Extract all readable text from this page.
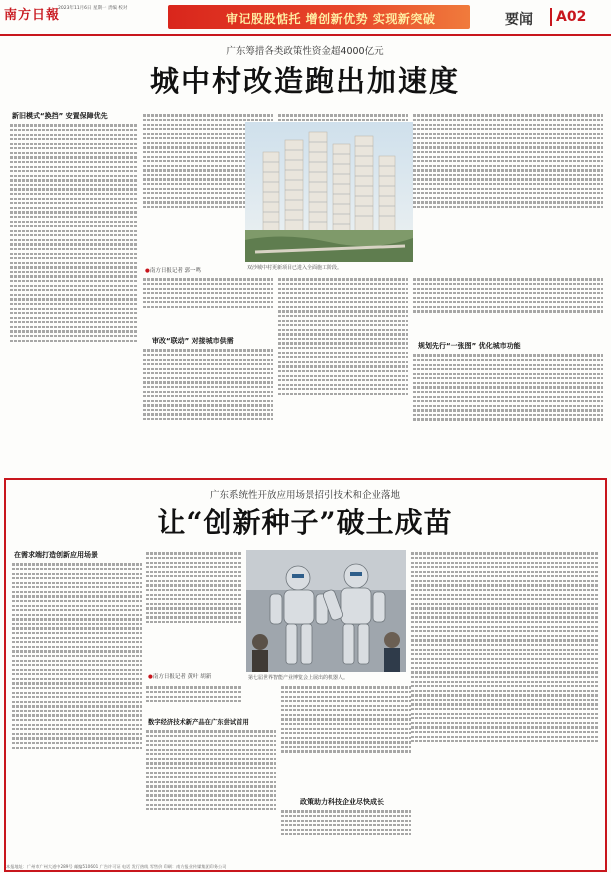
南方日報
2023年11月6日 星期一 责编 校对
审记股股惦托 增创新优势 实现新突破	要闻 A02
广东筹措各类政策性资金超4000亿元
城中村改造跑出加速度
新旧模式“换挡” 安置保障优先
双沙城中村更新项目已进入全面施工阶段。
●南方日报记者 郭一鸣
审改“联动” 对接城市供需
规划先行“一张图” 优化城市功能
广东系统性开放应用场景招引技术和企业落地
让“创新种子”破土成苗
在需求端打造创新应用场景
第七届世界智能产业博览会上展出的机器人。
●南方日报记者 黄叶 胡新
数字经济技术新产品在广东尝试首用
政策助力科技企业尽快成长
本报地址：广州市广州大道中289号 邮编510601 广告许可证 电话 发行热线 零售价 印刷：南方报业传媒集团印务公司
